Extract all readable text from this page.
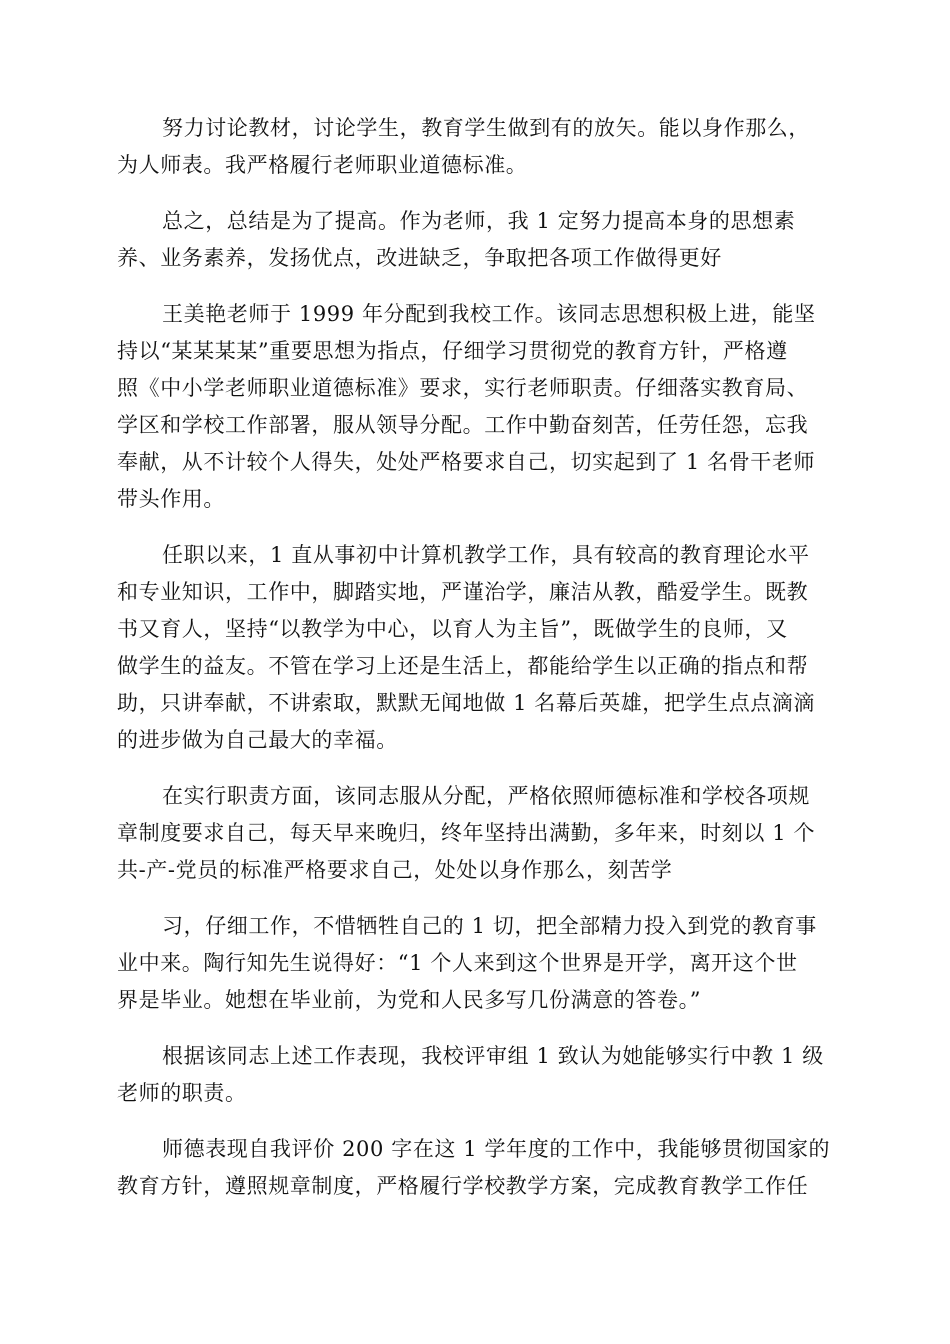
努力讨论教材，讨论学生，教育学生做到有的放矢。能以身作那么，
为人师表。我严格履行老师职业道德标准。
总之，总结是为了提高。作为老师，我 1 定努力提高本身的思想素
养、业务素养，发扬优点，改进缺乏，争取把各项工作做得更好
王美艳老师于 1999 年分配到我校工作。该同志思想积极上进，能坚
持以“某某某某”重要思想为指点，仔细学习贯彻党的教育方针，严格遵
照《中小学老师职业道德标准》要求，实行老师职责。仔细落实教育局、
学区和学校工作部署，服从领导分配。工作中勤奋刻苦，任劳任怨，忘我
奉献，从不计较个人得失，处处严格要求自己，切实起到了 1 名骨干老师
带头作用。
任职以来，1 直从事初中计算机教学工作，具有较高的教育理论水平
和专业知识，工作中，脚踏实地，严谨治学，廉洁从教，酷爱学生。既教
书又育人，坚持“以教学为中心，以育人为主旨”，既做学生的良师，又
做学生的益友。不管在学习上还是生活上，都能给学生以正确的指点和帮
助，只讲奉献，不讲索取，默默无闻地做 1 名幕后英雄，把学生点点滴滴
的进步做为自己最大的幸福。
在实行职责方面，该同志服从分配，严格依照师德标准和学校各项规
章制度要求自己，每天早来晚归，终年坚持出满勤，多年来，时刻以 1 个
共-产-党员的标准严格要求自己，处处以身作那么，刻苦学
习，仔细工作，不惜牺牲自己的 1 切，把全部精力投入到党的教育事
业中来。陶行知先生说得好：“1 个人来到这个世界是开学，离开这个世
界是毕业。她想在毕业前，为党和人民多写几份满意的答卷。”
根据该同志上述工作表现，我校评审组 1 致认为她能够实行中教 1 级
老师的职责。
师德表现自我评价 200 字在这 1 学年度的工作中，我能够贯彻国家的
教育方针，遵照规章制度，严格履行学校教学方案，完成教育教学工作任
